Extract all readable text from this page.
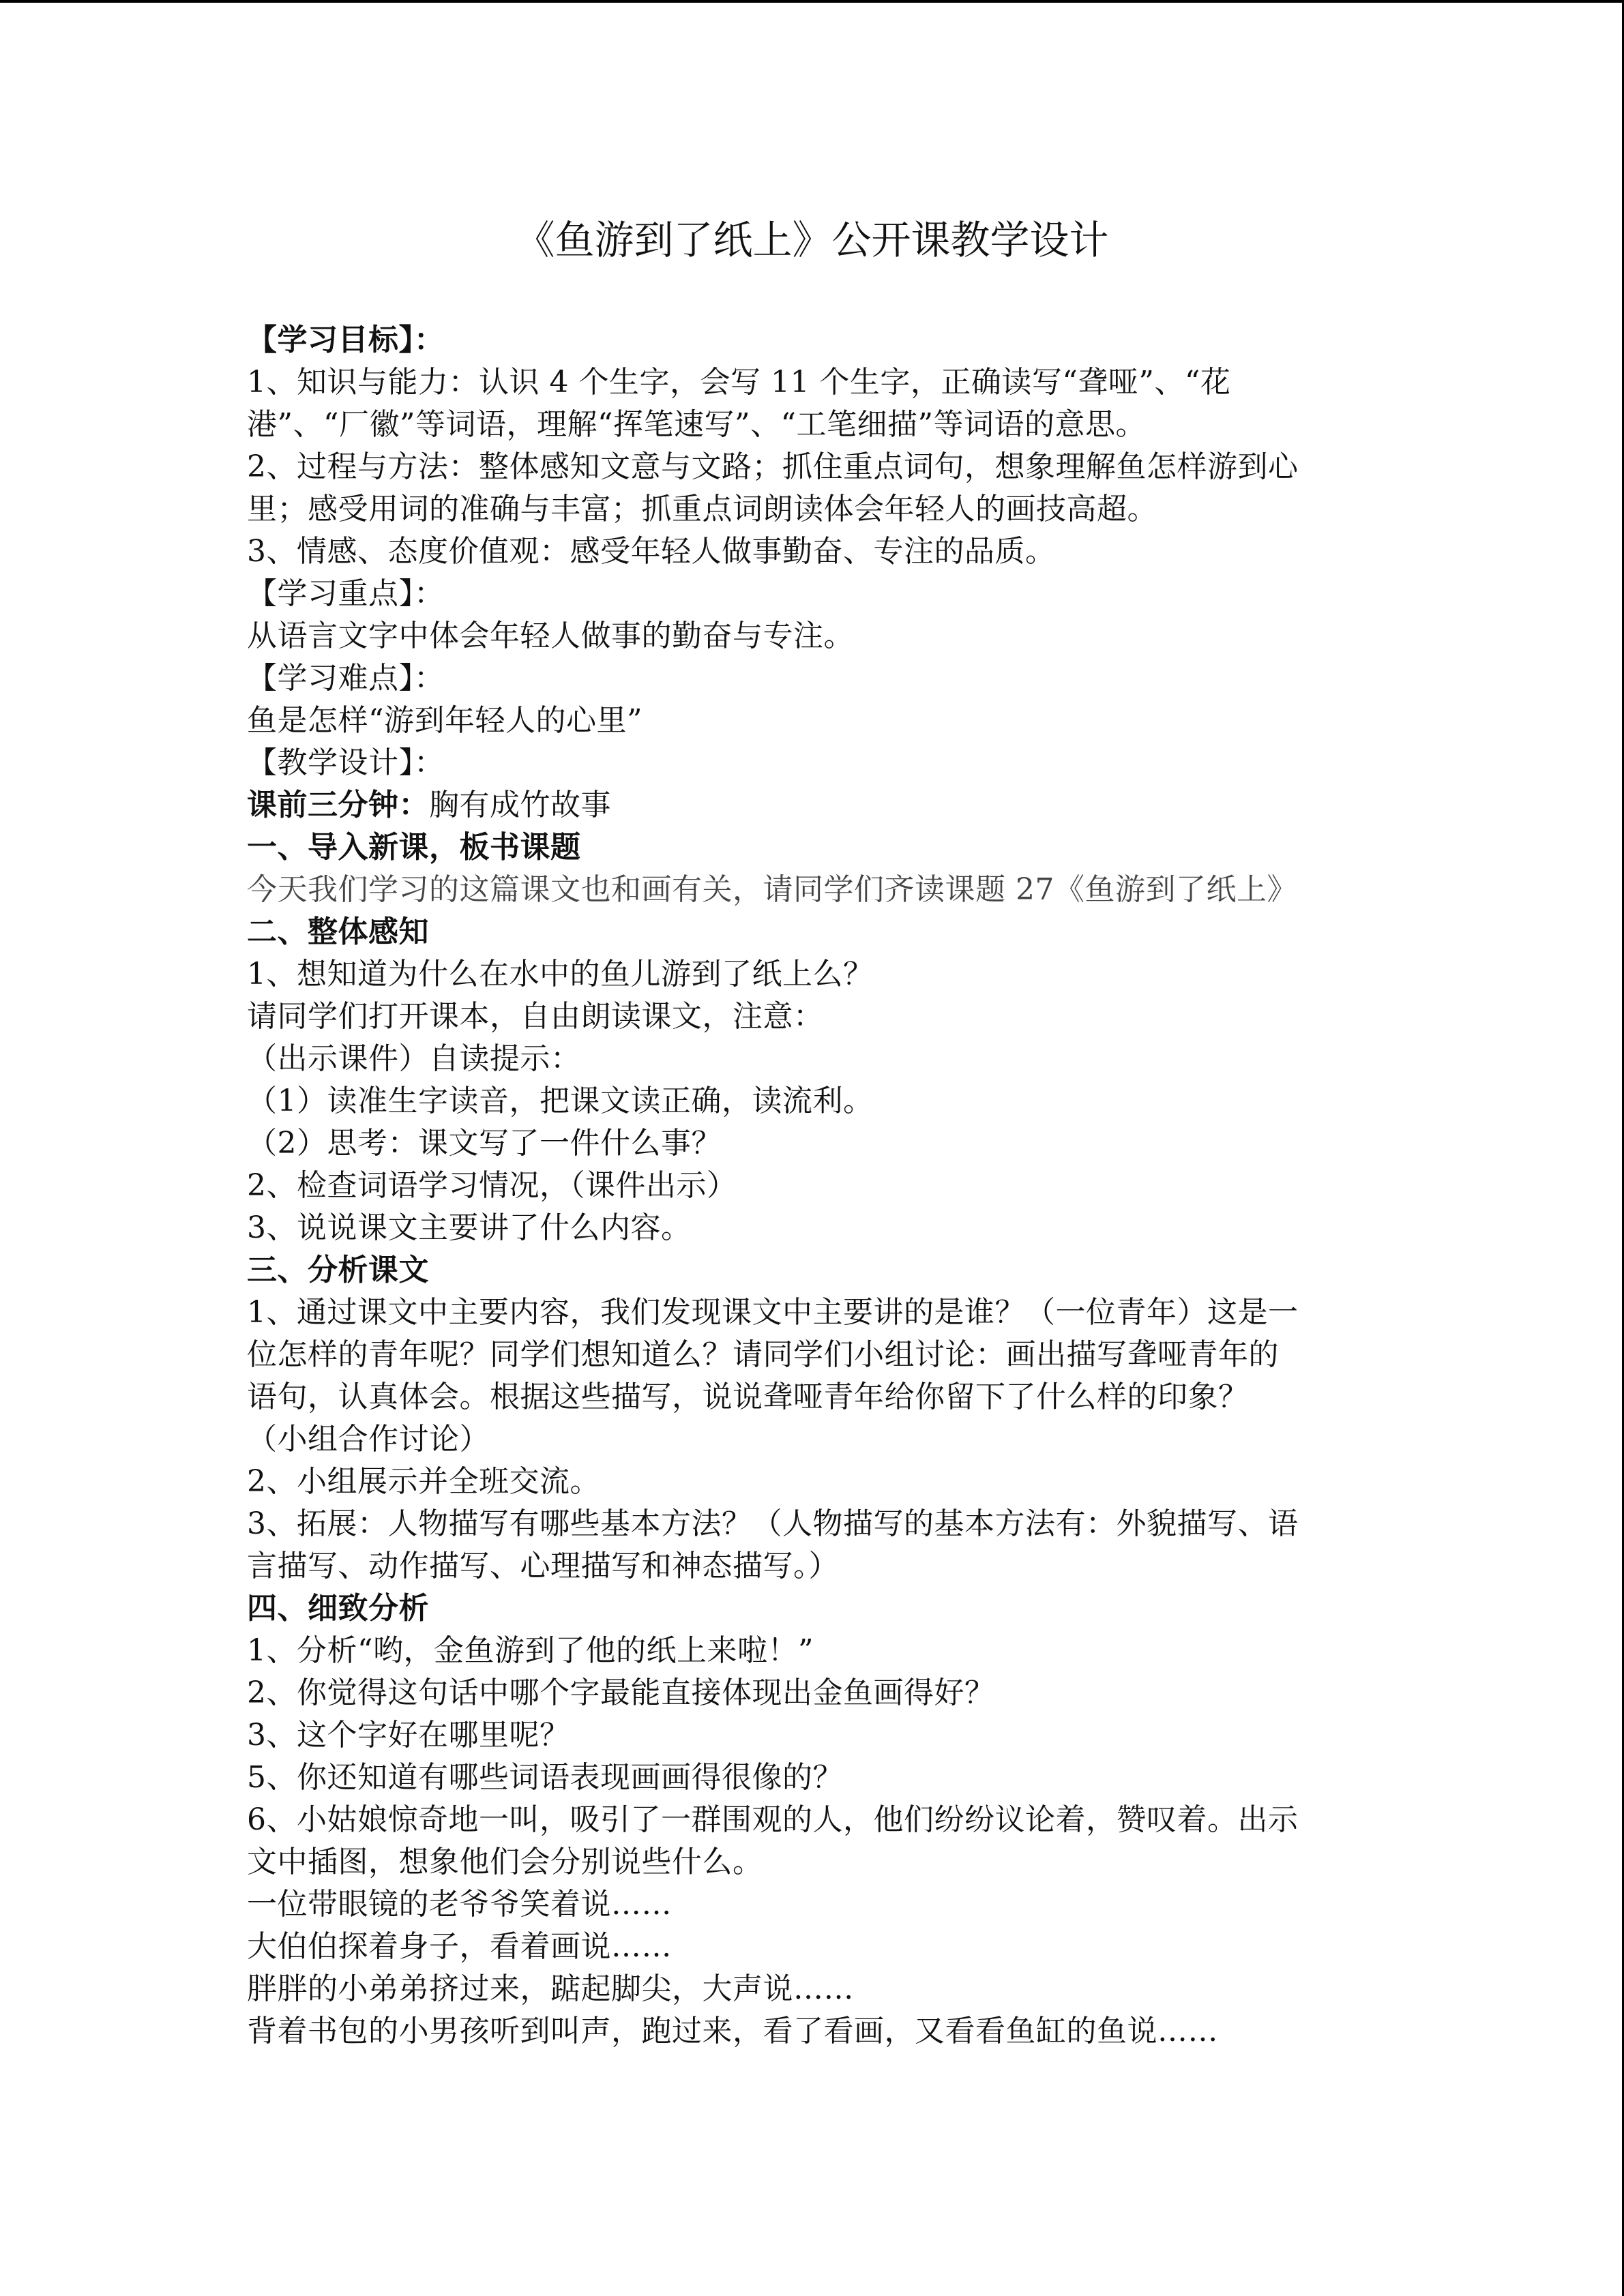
《鱼游到了纸上》公开课教学设计
【学习目标】：
1、知识与能力：认识 4 个生字，会写 11 个生字，正确读写“聋哑”、“花
港”、“厂徽”等词语，理解“挥笔速写”、“工笔细描”等词语的意思。
2、过程与方法：整体感知文意与文路；抓住重点词句，想象理解鱼怎样游到心
里；感受用词的准确与丰富；抓重点词朗读体会年轻人的画技高超。
3、情感、态度价值观：感受年轻人做事勤奋、专注的品质。
【学习重点】：
从语言文字中体会年轻人做事的勤奋与专注。
【学习难点】：
鱼是怎样“游到年轻人的心里”
【教学设计】：
课前三分钟：胸有成竹故事
一、导入新课，板书课题
今天我们学习的这篇课文也和画有关，请同学们齐读课题 27《鱼游到了纸上》
二、整体感知
1、想知道为什么在水中的鱼儿游到了纸上么？
请同学们打开课本，自由朗读课文，注意：
（出示课件）自读提示：
（1）读准生字读音，把课文读正确，读流利。
（2）思考：课文写了一件什么事？
2、检查词语学习情况，（课件出示）
3、说说课文主要讲了什么内容。
三、分析课文
1、通过课文中主要内容，我们发现课文中主要讲的是谁？（一位青年）这是一
位怎样的青年呢？同学们想知道么？请同学们小组讨论：画出描写聋哑青年的
语句，认真体会。根据这些描写，说说聋哑青年给你留下了什么样的印象？
（小组合作讨论）
2、小组展示并全班交流。
3、拓展：人物描写有哪些基本方法？（人物描写的基本方法有：外貌描写、语
言描写、动作描写、心理描写和神态描写。）
四、细致分析
1、分析“哟，金鱼游到了他的纸上来啦！”
2、你觉得这句话中哪个字最能直接体现出金鱼画得好？
3、这个字好在哪里呢？
5、你还知道有哪些词语表现画画得很像的？
6、小姑娘惊奇地一叫，吸引了一群围观的人，他们纷纷议论着，赞叹着。出示
文中插图，想象他们会分别说些什么。
一位带眼镜的老爷爷笑着说……
大伯伯探着身子，看着画说……
胖胖的小弟弟挤过来，踮起脚尖，大声说……
背着书包的小男孩听到叫声，跑过来，看了看画，又看看鱼缸的鱼说……
